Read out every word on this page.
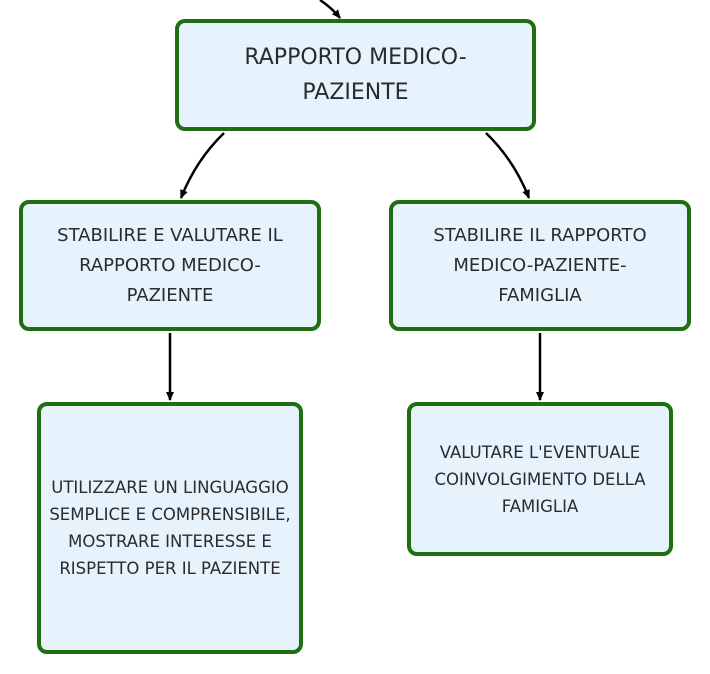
RAPPORTO MEDICO-PAZIENTE
STABILIRE E VALUTARE IL RAPPORTO MEDICO-PAZIENTE
STABILIRE IL RAPPORTO MEDICO-PAZIENTE-FAMIGLIA
UTILIZZARE UN LINGUAGGIO SEMPLICE E COMPRENSIBILE, MOSTRARE INTERESSE E RISPETTO PER IL PAZIENTE
VALUTARE L'EVENTUALE COINVOLGIMENTO DELLA FAMIGLIA
